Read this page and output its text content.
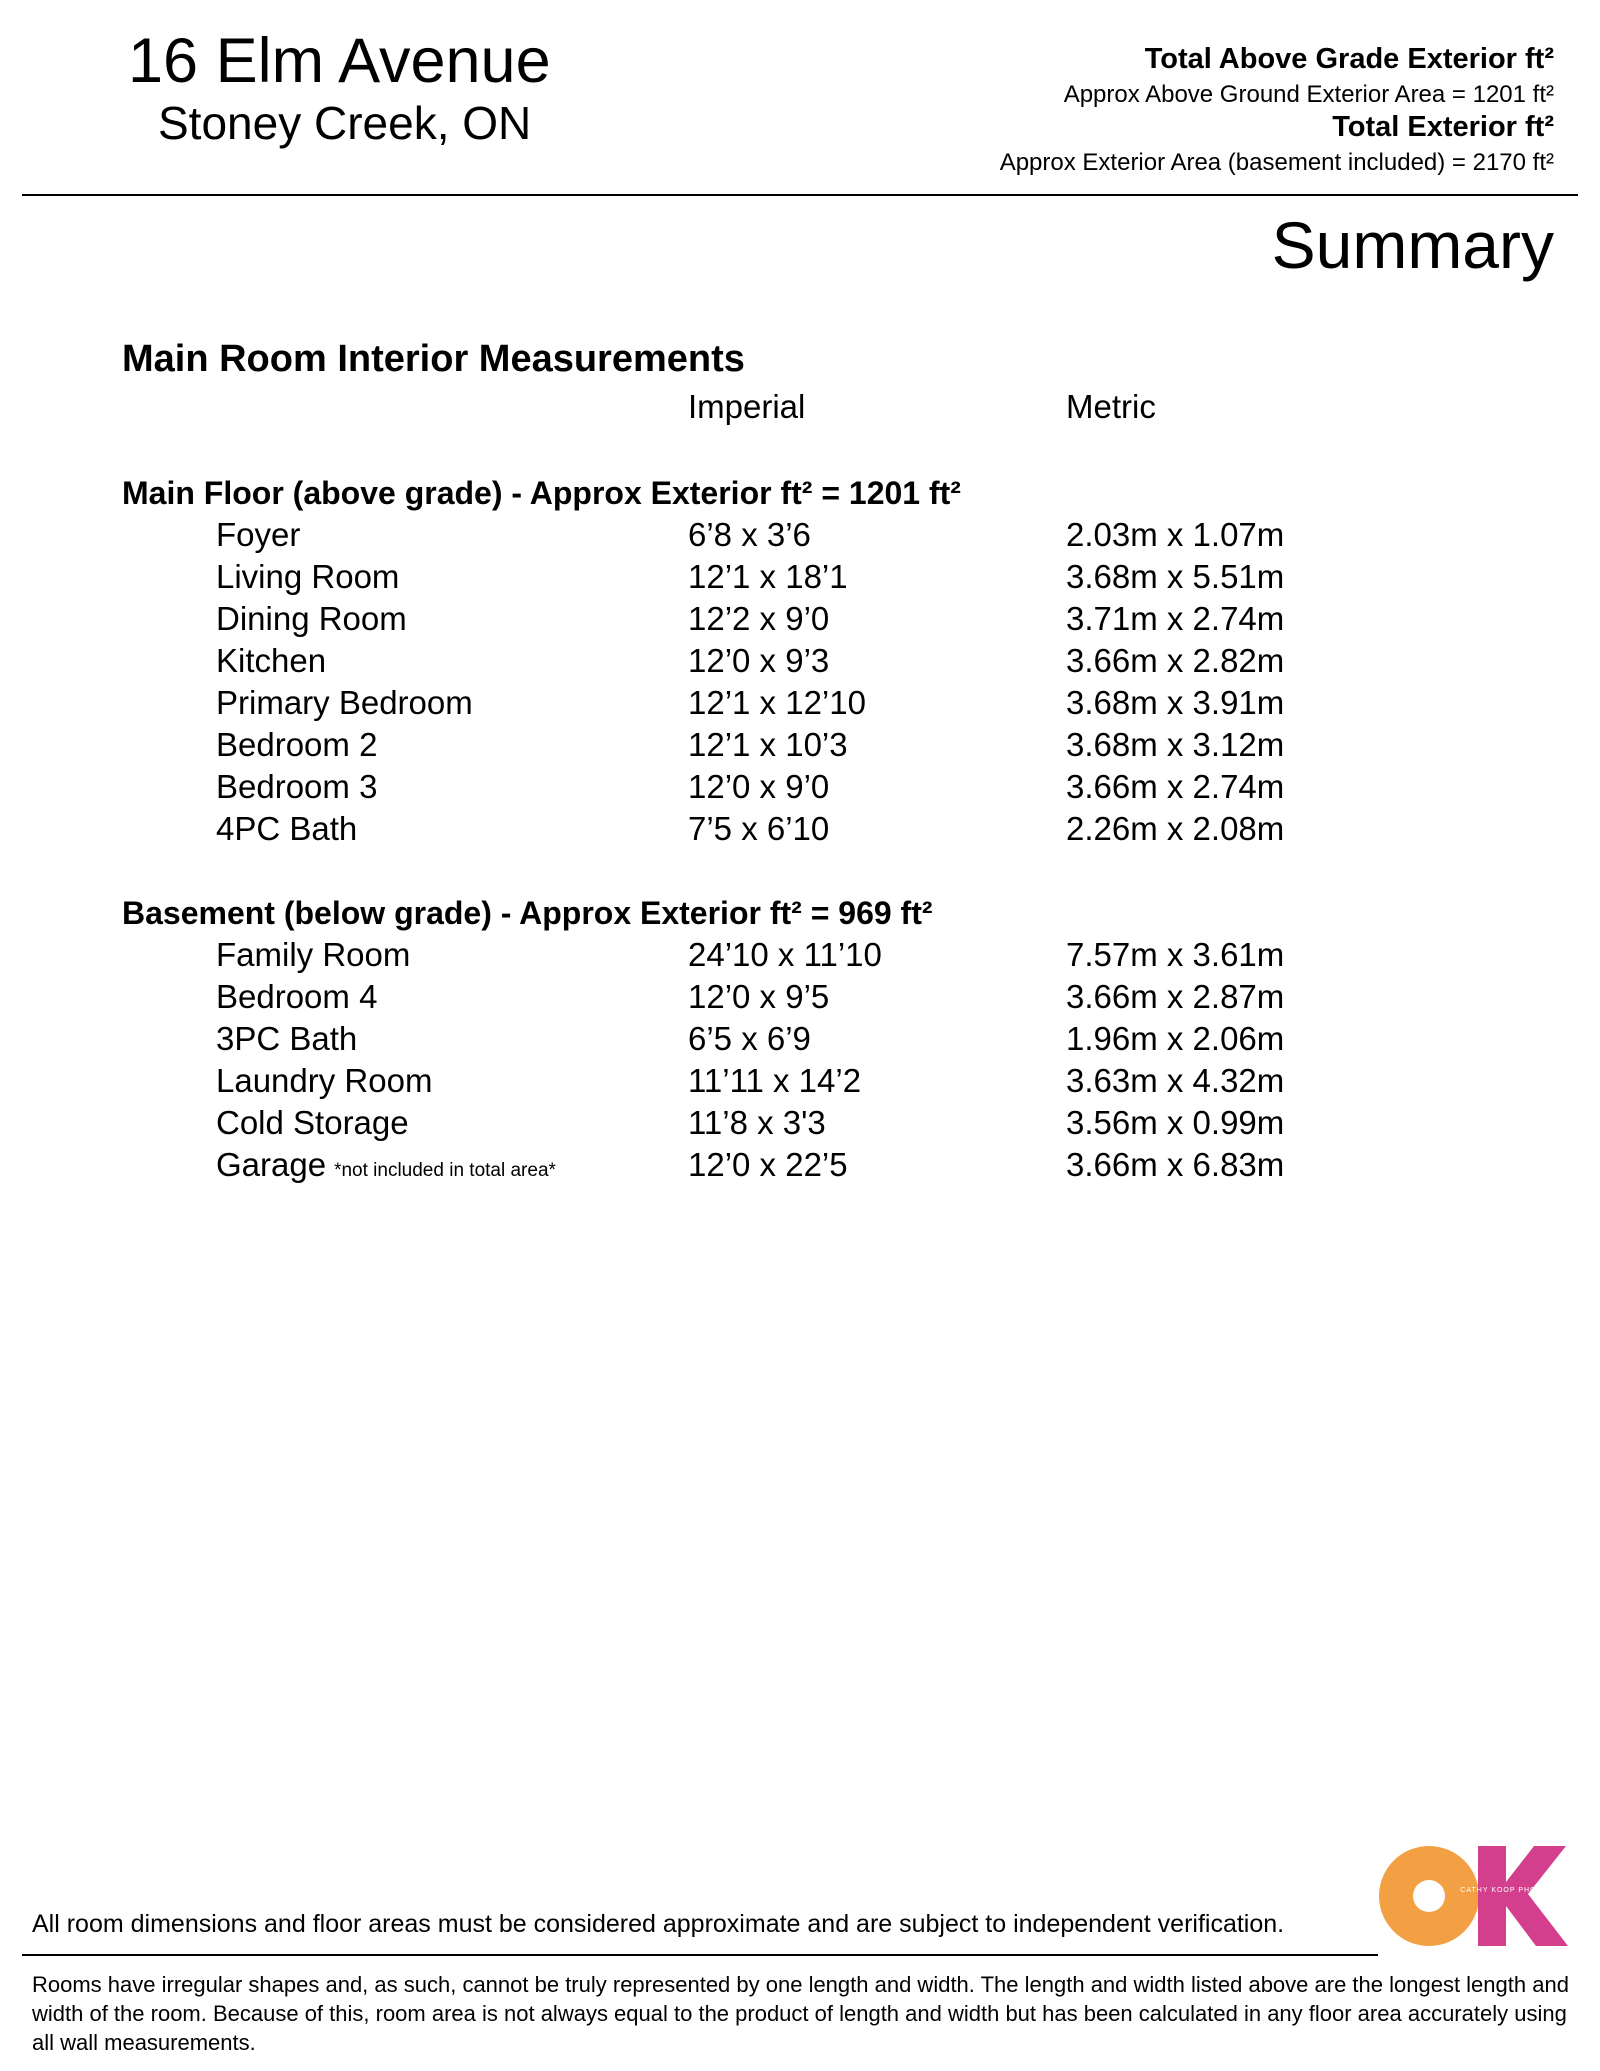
16 Elm Avenue
Stoney Creek, ON
Total Above Grade Exterior ft²
Approx Above Ground Exterior Area = 1201 ft²
Total Exterior ft²
Approx Exterior Area (basement included) = 2170 ft²
Summary
Main Room Interior Measurements
Imperial	Metric
Main Floor (above grade) - Approx Exterior ft² = 1201 ft²
Foyer	6’8 x 3’6	2.03m x 1.07m
Living Room	12’1 x 18’1	3.68m x 5.51m
Dining Room	12’2 x 9’0	3.71m x 2.74m
Kitchen	12’0 x 9’3	3.66m x 2.82m
Primary Bedroom	12’1 x 12’10	3.68m x 3.91m
Bedroom 2	12’1 x 10’3	3.68m x 3.12m
Bedroom 3	12’0 x 9’0	3.66m x 2.74m
4PC Bath	7’5 x 6’10	2.26m x 2.08m
Basement (below grade) - Approx Exterior ft² = 969 ft²
Family Room	24’10 x 11’10	7.57m x 3.61m
Bedroom 4	12’0 x 9’5	3.66m x 2.87m
3PC Bath	6’5 x 6’9	1.96m x 2.06m
Laundry Room	11’11 x 14’2	3.63m x 4.32m
Cold Storage	11’8 x 3'3	3.56m x 0.99m
Garage *not included in total area*	12’0 x 22’5	3.66m x 6.83m
All room dimensions and floor areas must be considered approximate and are subject to independent verification.
Rooms have irregular shapes and, as such, cannot be truly represented by one length and width. The length and width listed above are the longest length and width of the room. Because of this, room area is not always equal to the product of length and width but has been calculated in any floor area accurately using all wall measurements.
CATHY KOOP PHOTOGRAPHY
